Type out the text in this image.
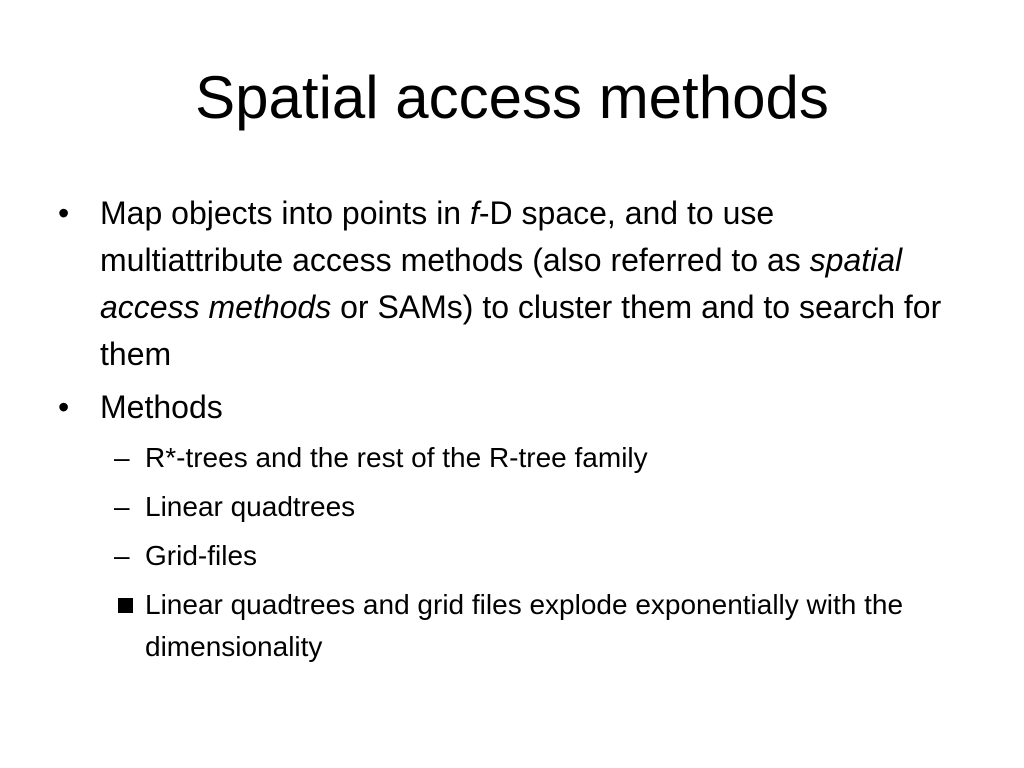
Spatial access methods
• Map objects into points in f-D space, and to use multiattribute access methods (also referred to as spatial access methods or SAMs) to cluster them and to search for them
• Methods
– R*-trees and the rest of the R-tree family
– Linear quadtrees
– Grid-files
Linear quadtrees and grid files explode exponentially with the dimensionality
